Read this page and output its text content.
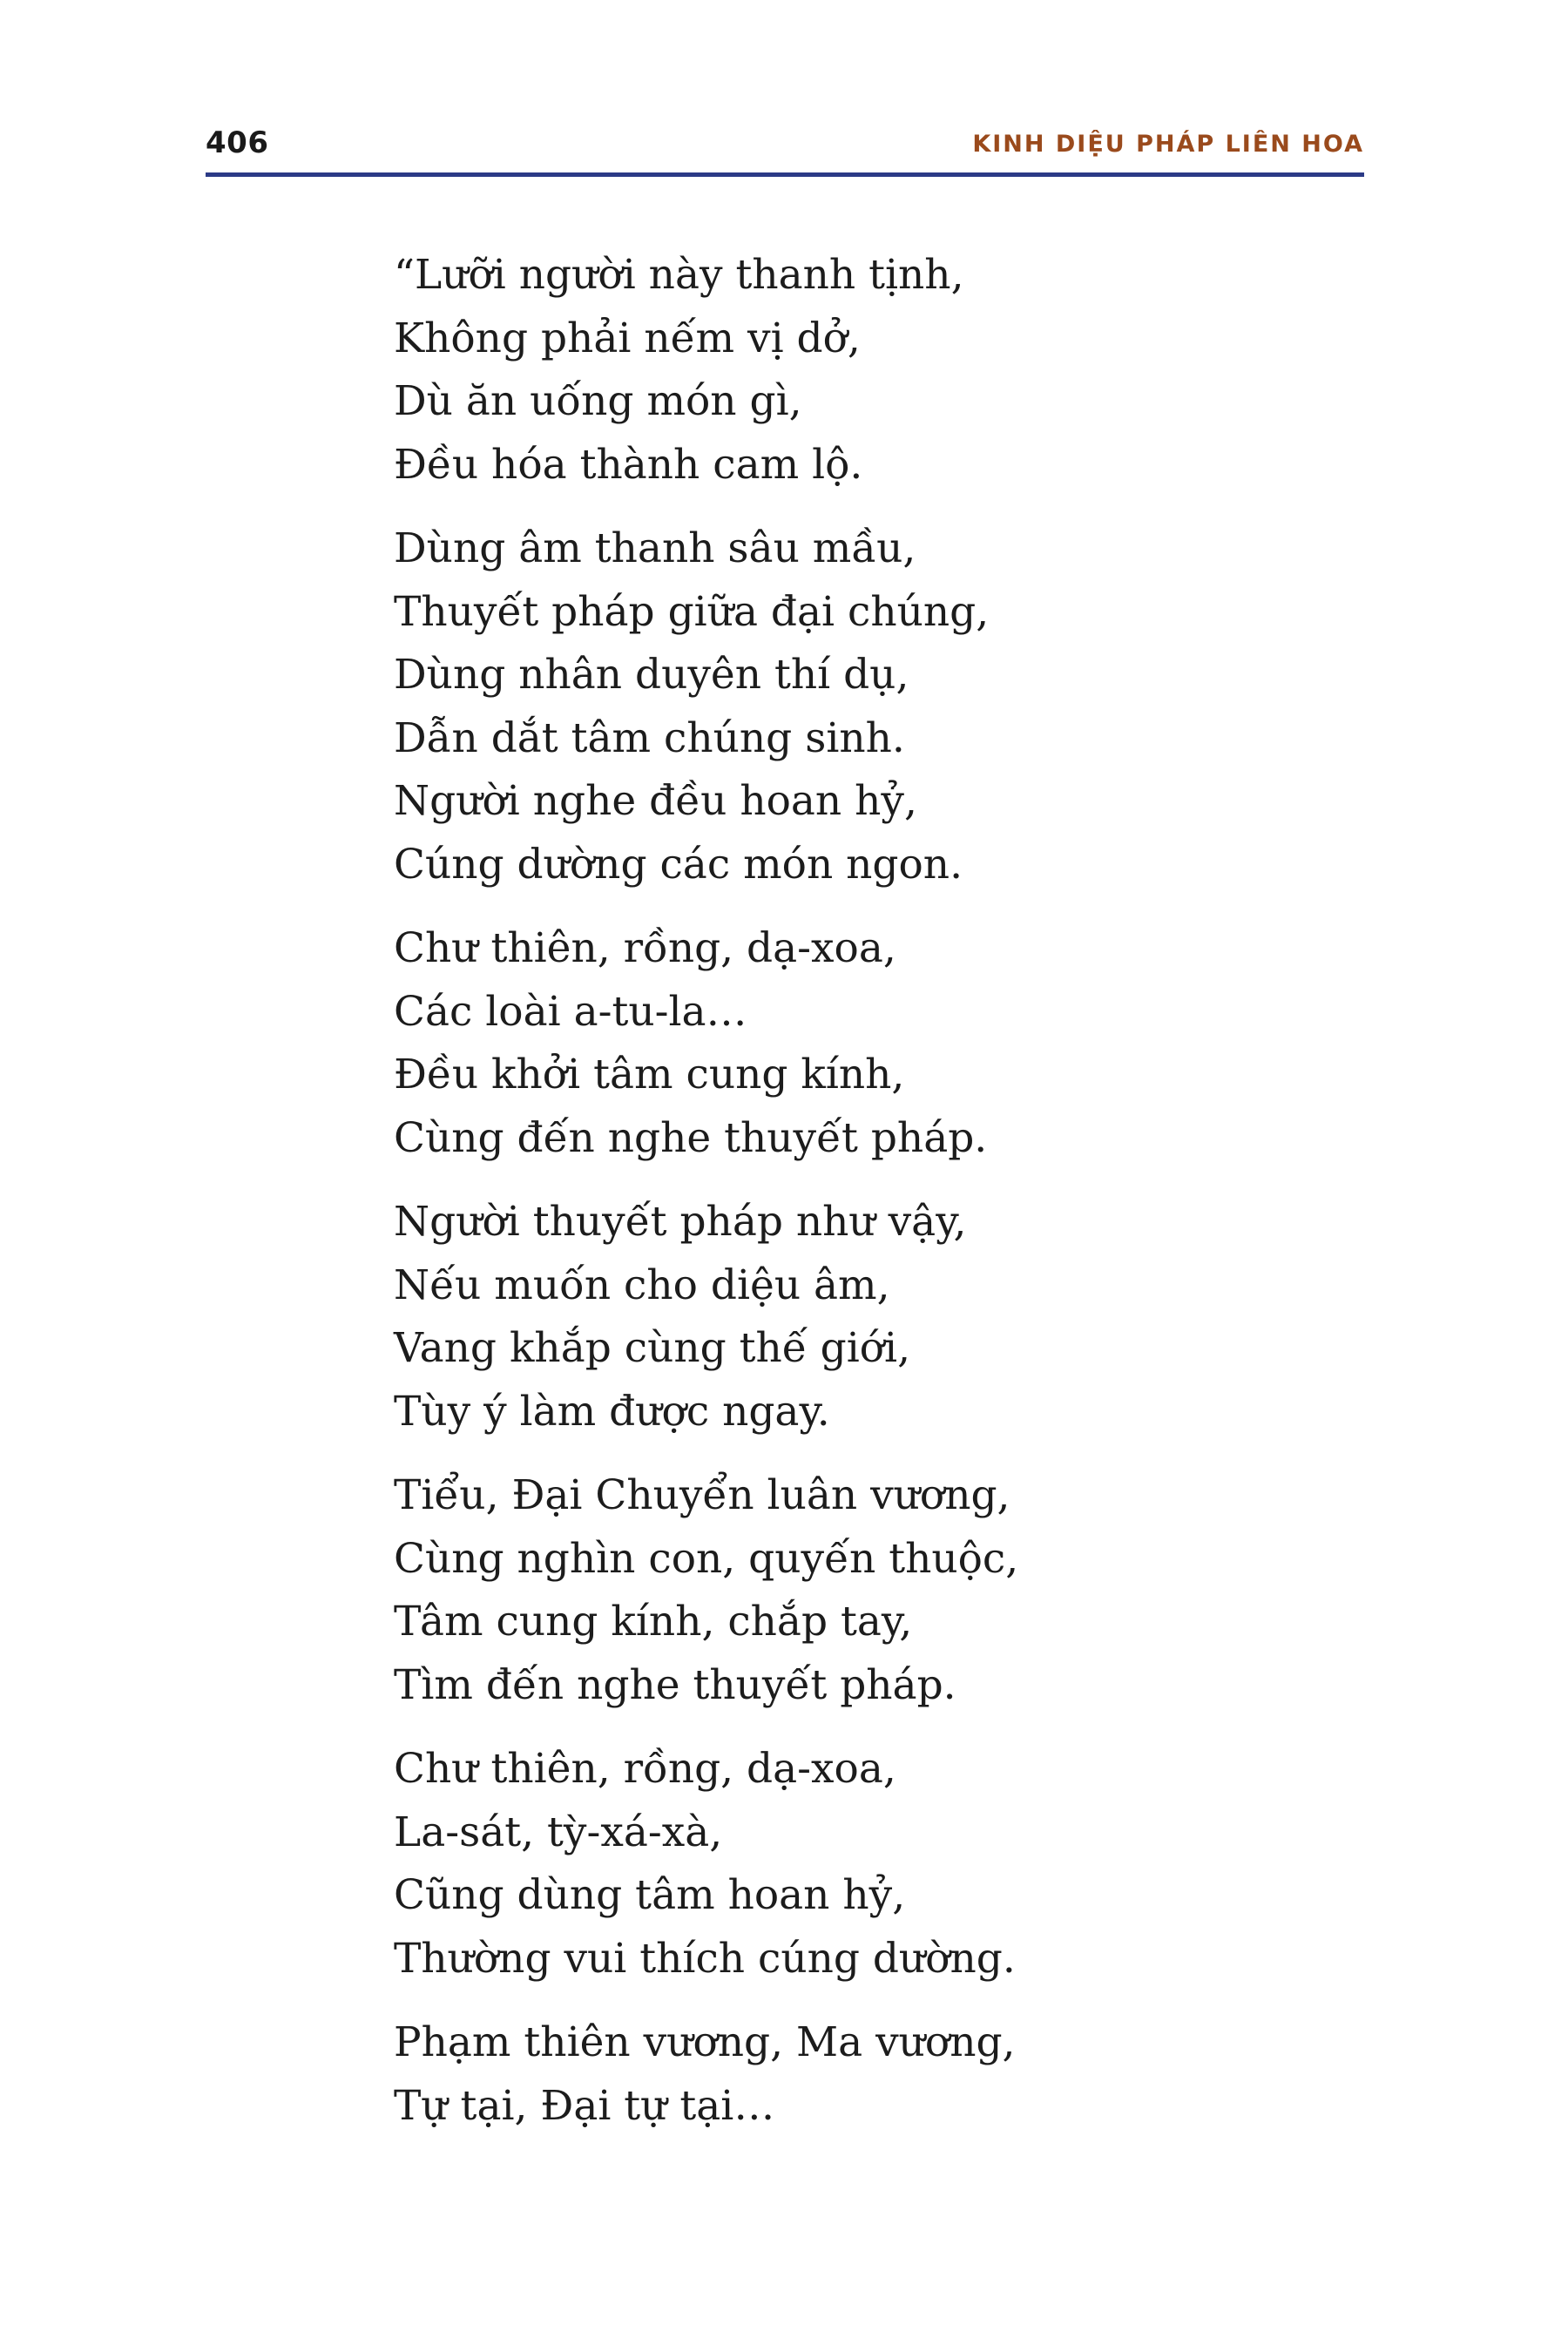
406	KINH DIỆU PHÁP LIÊN HOA
“Lưỡi người này thanh tịnh,
Không phải nếm vị dở,
Dù ăn uống món gì,
Đều hóa thành cam lộ.
Dùng âm thanh sâu mầu,
Thuyết pháp giữa đại chúng,
Dùng nhân duyên thí dụ,
Dẫn dắt tâm chúng sinh.
Người nghe đều hoan hỷ,
Cúng dường các món ngon.
Chư thiên, rồng, dạ-xoa,
Các loài a-tu-la…
Đều khởi tâm cung kính,
Cùng đến nghe thuyết pháp.
Người thuyết pháp như vậy,
Nếu muốn cho diệu âm,
Vang khắp cùng thế giới,
Tùy ý làm được ngay.
Tiểu, Đại Chuyển luân vương,
Cùng nghìn con, quyến thuộc,
Tâm cung kính, chắp tay,
Tìm đến nghe thuyết pháp.
Chư thiên, rồng, dạ-xoa,
La-sát, tỳ-xá-xà,
Cũng dùng tâm hoan hỷ,
Thường vui thích cúng dường.
Phạm thiên vương, Ma vương,
Tự tại, Đại tự tại…
